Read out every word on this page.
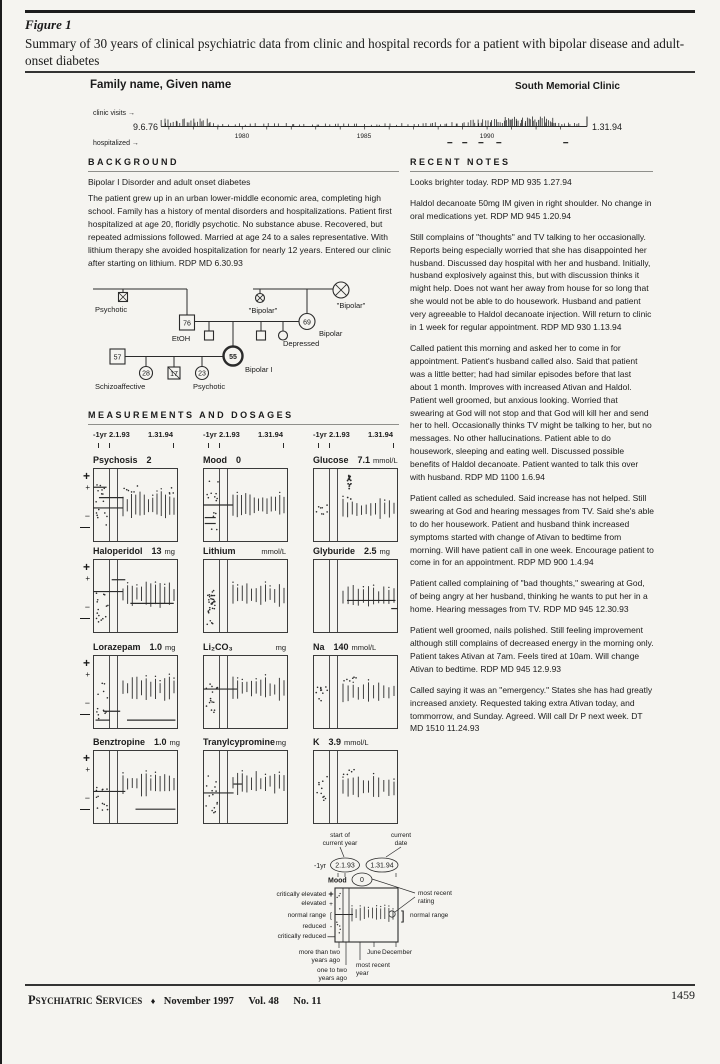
Figure 1
Summary of 30 years of clinical psychiatric data from clinic and hospital records for a patient with bipolar disease and adult-
onset diabetes
Family name, Given name	South Memorial Clinic
clinic visits →
9.6.76	1.31.94
1980	1985	1990
hospitalized →
BACKGROUND	RECENT NOTES
Bipolar I Disorder and adult onset diabetes
The patient grew up in an urban lower-middle economic area, completing high school. Family has a history of mental disorders and hospitalizations. Patient first hospitalized at age 20, floridly psychotic. No substance abuse. Recovered, but repeated admissions followed. Married at age 24 to a sales representative. With lithium therapy she avoided hospitalization for nearly 12 years. Entered our clinic after starting on lithium. RDP MD 6.30.93
Psychotic
76
EtOH
"Bipolar"
"Bipolar"
69
Bipolar
Depressed
57	55
Bipolar I
28	17	23
Schizoaffective	Psychotic
MEASUREMENTS AND DOSAGES
-1yr 2.1.93 1.31.94
Psychosis 2
+
+
−
—
-1yr 2.1.93 1.31.94
Mood 0
-1yr 2.1.93 1.31.94
Glucose 7.1 mmol/L
Haloperidol 13 mg
+
+
−
—
Lithium	mmol/L	Glyburide 2.5 mg
Lorazepam 1.0 mg
+
+
−
—
Li₂CO₃	mg	Na 140 mmol/L
Benztropine 1.0 mg
+
+
−
—
Tranylcypromine mg	K 3.9 mmol/L

Looks brighter today. RDP MD 935 1.27.94

Haldol decanoate 50mg IM given in right shoulder. No change in oral medications yet. RDP MD 945 1.20.94

Still complains of "thoughts" and TV talking to her occasionally. Reports being especially worried that she has disappointed her husband. Discussed day hospital with her and husband. Initially, husband explosively against this, but with discussion thinks it might help. Does not want her away from house for so long that she would not be able to do housework. Husband and patient very agreeable to Haldol decanoate injection. Will return to clinic in 1 week for regular appointment. RDP MD 930 1.13.94

Called patient this morning and asked her to come in for appointment. Patient's husband called also. Said that patient was a little better; had had similar episodes before that last about 1 month. Improves with increased Ativan and Haldol. Patient well groomed, but anxious looking. Worried that swearing at God will not stop and that God will kill her and send her to hell. Occasionally thinks TV might be talking to her, but no messages. No other hallucinations. Patient able to do housework, sleeping and eating well. Discussed possible benefits of Haldol decanoate. Patient wanted to talk this over with husband. RDP MD 1100 1.6.94

Patient called as scheduled. Said increase has not helped. Still swearing at God and hearing messages from TV. Said she's able to do her housework. Patient and husband think increased symptoms started with change of Ativan to bedtime from morning. Will have patient call in one week. Encourage patient to come in for an appointment. RDP MD 900 1.4.94

Patient called complaining of "bad thoughts," swearing at God, of being angry at her husband, thinking he wants to put her in a home. Hearing messages from TV. RDP MD 945 12.30.93

Patient well groomed, nails polished. Still feeling improvement although still complains of decreased energy in the morning only. Patient takes Ativan at 7am. Feels tired at 10am. Will change Ativan to bedtime. RDP MD 945 12.9.93

Called saying it was an "emergency." States she has had greatly increased anxiety. Requested taking extra Ativan today, and tommorrow, and Sunday. Agreed. Will call Dr P next week. DT MD 1510 11.24.93

start of
current year
current
date
-1yr 2.1.93 1.31.94
Mood 0
critically elevated +
elevated +
normal range [
reduced -
critically reduced —
most recent
rating
] normal range
more than two
years ago
one to two
years ago
June December
most recent
year
Psychiatric Services ♦ November 1997 Vol. 48 No. 11	1459
